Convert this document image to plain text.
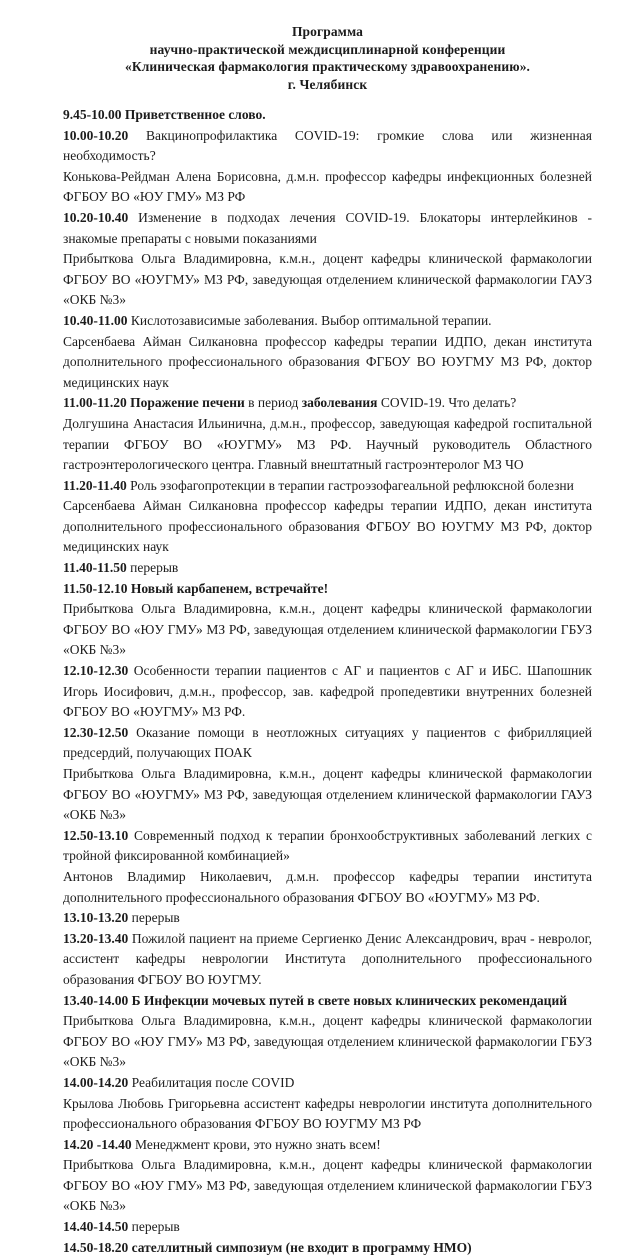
Программа
научно-практической междисциплинарной конференции
«Клиническая фармакология практическому здравоохранению».
г. Челябинск

9.45-10.00 Приветственное слово.

10.00-10.20 Вакцинопрофилактика COVID-19: громкие слова или жизненная необходимость?

Конькова-Рейдман Алена Борисовна, д.м.н. профессор кафедры инфекционных болезней ФГБОУ ВО «ЮУ ГМУ» МЗ РФ

10.20-10.40 Изменение в подходах лечения COVID-19. Блокаторы интерлейкинов - знакомые препараты с новыми показаниями

Прибыткова Ольга Владимировна, к.м.н., доцент кафедры клинической фармакологии ФГБОУ ВО «ЮУГМУ» МЗ РФ, заведующая отделением клинической фармакологии ГАУЗ «ОКБ №3»

10.40-11.00 Кислотозависимые заболевания. Выбор оптимальной терапии.

Сарсенбаева Айман Силкановна профессор кафедры терапии ИДПО, декан института дополнительного профессионального образования ФГБОУ ВО ЮУГМУ МЗ РФ, доктор медицинских наук

11.00-11.20 Поражение печени в период заболевания COVID-19. Что делать?

Долгушина Анастасия Ильинична, д.м.н., профессор, заведующая кафедрой госпитальной терапии ФГБОУ ВО «ЮУГМУ» МЗ РФ. Научный руководитель Областного гастроэнтерологического центра. Главный внештатный гастроэнтеролог МЗ ЧО

11.20-11.40 Роль эзофагопротекции в терапии гастроэзофагеальной рефлюксной болезни

Сарсенбаева Айман Силкановна профессор кафедры терапии ИДПО, декан института дополнительного профессионального образования ФГБОУ ВО ЮУГМУ МЗ РФ, доктор медицинских наук

11.40-11.50 перерыв

11.50-12.10 Новый карбапенем, встречайте!

Прибыткова Ольга Владимировна, к.м.н., доцент кафедры клинической фармакологии ФГБОУ ВО «ЮУ ГМУ» МЗ РФ, заведующая отделением клинической фармакологии ГБУЗ «ОКБ №3»

12.10-12.30 Особенности терапии пациентов с АГ и пациентов с АГ и ИБС. Шапошник Игорь Иосифович, д.м.н., профессор, зав. кафедрой пропедевтики внутренних болезней ФГБОУ ВО «ЮУГМУ» МЗ РФ.

12.30-12.50 Оказание помощи в неотложных ситуациях у пациентов с фибрилляцией предсердий, получающих ПОАК

Прибыткова Ольга Владимировна, к.м.н., доцент кафедры клинической фармакологии ФГБОУ ВО «ЮУГМУ» МЗ РФ, заведующая отделением клинической фармакологии ГАУЗ «ОКБ №3»

12.50-13.10 Современный подход к терапии бронхообструктивных заболеваний легких с тройной фиксированной комбинацией»

Антонов Владимир Николаевич, д.м.н. профессор кафедры терапии института дополнительного профессионального образования ФГБОУ ВО «ЮУГМУ» МЗ РФ.

13.10-13.20 перерыв

13.20-13.40 Пожилой пациент на приеме Сергиенко Денис Александрович, врач - невролог, ассистент кафедры неврологии Института дополнительного профессионального образования ФГБОУ ВО ЮУГМУ.

13.40-14.00 Б Инфекции мочевых путей в свете новых клинических рекомендаций

Прибыткова Ольга Владимировна, к.м.н., доцент кафедры клинической фармакологии ФГБОУ ВО «ЮУ ГМУ» МЗ РФ, заведующая отделением клинической фармакологии ГБУЗ «ОКБ №3»

14.00-14.20 Реабилитация после COVID

Крылова Любовь Григорьевна ассистент кафедры неврологии института дополнительного профессионального образования ФГБОУ ВО ЮУГМУ МЗ РФ

14.20 -14.40 Менеджмент крови, это нужно знать всем!

Прибыткова Ольга Владимировна, к.м.н., доцент кафедры клинической фармакологии ФГБОУ ВО «ЮУ ГМУ» МЗ РФ, заведующая отделением клинической фармакологии ГБУЗ «ОКБ №3»

14.40-14.50 перерыв

14.50-18.20 сателлитный симпозиум (не входит в программу НМО)
